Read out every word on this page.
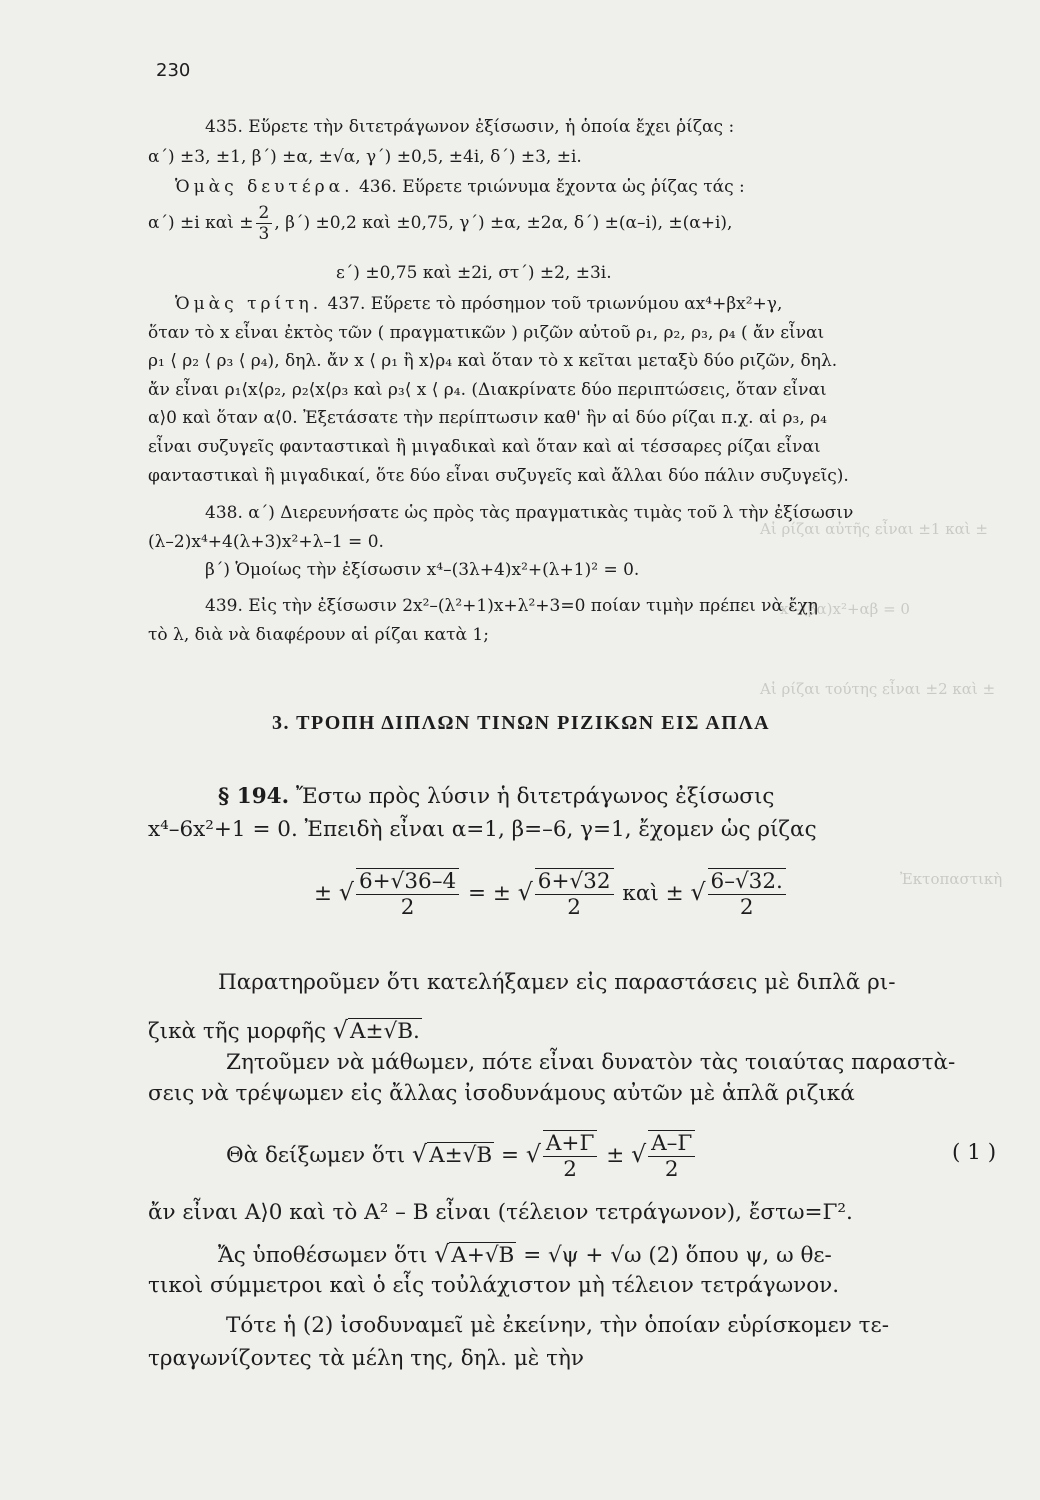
Αἱ ρίζαι αὐτῆς εἶναι ±1 καὶ ±
Αἱ ρίζαι τούτης εἶναι ±2 καὶ ±
x⁴–(βα)x²+αβ = 0
Ἐκτοπαστικὴ
230
435. Εὕρετε τὴν διτετράγωνον ἐξίσωσιν, ἡ ὁποία ἔχει ῥίζας :
α΄) ±3, ±1, β΄) ±α, ±√α, γ΄) ±0,5, ±4i, δ΄) ±3, ±i.
Ὁμὰς δευτέρα. 436. Εὕρετε τριώνυμα ἔχοντα ὡς ῥίζας τάς :
α΄) ±i καὶ ± $\frac{2}{3}$ , β΄) ±0,2 καὶ ±0,75, γ΄) ±α, ±2α, δ΄) ±(α–i), ±(α+i),
ε΄) ±0,75 καὶ ±2i, στ΄) ±2, ±3i.
Ὁμὰς τρίτη. 437. Εὕρετε τὸ πρόσημον τοῦ τριωνύμου αx⁴+βx²+γ,
ὅταν τὸ x εἶναι ἐκτὸς τῶν ( πραγματικῶν ) ριζῶν αὐτοῦ ρ₁, ρ₂, ρ₃, ρ₄ ( ἄν εἶναι
ρ₁ ⟨ ρ₂ ⟨ ρ₃ ⟨ ρ₄), δηλ. ἄν x ⟨ ρ₁ ἢ x⟩ρ₄ καὶ ὅταν τὸ x κεῖται μεταξὺ δύο ριζῶν, δηλ.
ἄν εἶναι ρ₁⟨x⟨ρ₂, ρ₂⟨x⟨ρ₃ καὶ ρ₃⟨ x ⟨ ρ₄. (Διακρίνατε δύο περιπτώσεις, ὅταν εἶναι
α⟩0 καὶ ὅταν α⟨0. Ἐξετάσατε τὴν περίπτωσιν καθ' ἣν αἱ δύο ρίζαι π.χ. αἱ ρ₃, ρ₄
εἶναι συζυγεῖς φανταστικαὶ ἢ μιγαδικαὶ καὶ ὅταν καὶ αἱ τέσσαρες ρίζαι εἶναι
φανταστικαὶ ἢ μιγαδικαί, ὅτε δύο εἶναι συζυγεῖς καὶ ἄλλαι δύο πάλιν συζυγεῖς).
438. α΄) Διερευνήσατε ὡς πρὸς τὰς πραγματικὰς τιμὰς τοῦ λ τὴν ἐξίσωσιν
(λ–2)x⁴+4(λ+3)x²+λ–1 = 0.
β΄) Ὁμοίως τὴν ἐξίσωσιν x⁴–(3λ+4)x²+(λ+1)² = 0.
439. Εἰς τὴν ἐξίσωσιν 2x²–(λ²+1)x+λ²+3=0 ποίαν τιμὴν πρέπει νὰ ἔχῃ
τὸ λ, διὰ νὰ διαφέρουν αἱ ρίζαι κατὰ 1;
3. ΤΡΟΠΗ ΔΙΠΛΩΝ ΤΙΝΩΝ ΡΙΖΙΚΩΝ ΕΙΣ ΑΠΛΑ
§ 194. Ἔστω πρὸς λύσιν ἡ διτετράγωνος ἐξίσωσις
x⁴–6x²+1 = 0. Ἐπειδὴ εἶναι α=1, β=–6, γ=1, ἔχομεν ὡς ρίζας
± √ $\frac{6+√36-4}{2}$ = ± √ $\frac{6+√32}{2}$ καὶ ± √ $\frac{6-√32.}{2}$
Παρατηροῦμεν ὅτι κατελήξαμεν εἰς παραστάσεις μὲ διπλᾶ ρι-
ζικὰ τῆς μορφῆς √A±√B.
Ζητοῦμεν νὰ μάθωμεν, πότε εἶναι δυνατὸν τὰς τοιαύτας παραστὰ-
σεις νὰ τρέψωμεν εἰς ἄλλας ἰσοδυνάμους αὐτῶν μὲ ἁπλᾶ ριζικά
Θὰ δείξωμεν ὅτι √A±√B = √ $\frac{A+\Gamma}{2}$ ± √ $\frac{A-\Gamma}{2}$	( 1 )
ἄν εἶναι A⟩0 καὶ τὸ A² – B εἶναι (τέλειον τετράγωνον), ἔστω=Γ².
Ἄς ὑποθέσωμεν ὅτι √A+√B = √ψ + √ω (2) ὅπου ψ, ω θε-
τικοὶ σύμμετροι καὶ ὁ εἷς τοὐλάχιστον μὴ τέλειον τετράγωνον.
Τότε ἡ (2) ἰσοδυναμεῖ μὲ ἐκείνην, τὴν ὁποίαν εὑρίσκομεν τε-
τραγωνίζοντες τὰ μέλη της, δηλ. μὲ τὴν
